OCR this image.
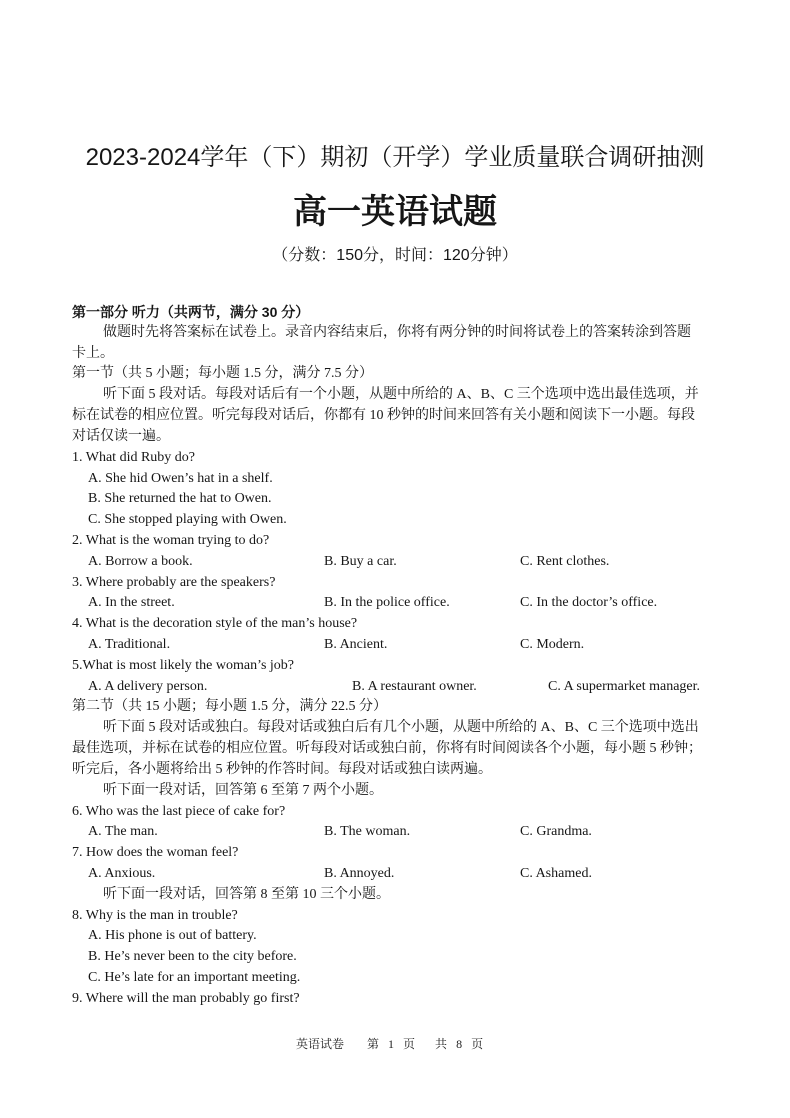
2023-2024学年（下）期初（开学）学业质量联合调研抽测
高一英语试题
（分数：150分，时间：120分钟）
第一部分 听力（共两节，满分 30 分）
做题时先将答案标在试卷上。录音内容结束后，你将有两分钟的时间将试卷上的答案转涂到答题
卡上。
第一节（共 5 小题；每小题 1.5 分，满分 7.5 分）
听下面 5 段对话。每段对话后有一个小题，从题中所给的 A、B、C 三个选项中选出最佳选项，并
标在试卷的相应位置。听完每段对话后，你都有 10 秒钟的时间来回答有关小题和阅读下一小题。每段
对话仅读一遍。
1. What did Ruby do?
A. She hid Owen’s hat in a shelf.
B. She returned the hat to Owen.
C. She stopped playing with Owen.
2. What is the woman trying to do?
A. Borrow a book.	B. Buy a car.	C. Rent clothes.
3. Where probably are the speakers?
A. In the street.	B. In the police office.	C. In the doctor’s office.
4. What is the decoration style of the man’s house?
A. Traditional.	B. Ancient.	C. Modern.
5.What is most likely the woman’s job?
A. A delivery person.	B. A restaurant owner.	C. A supermarket manager.
第二节（共 15 小题；每小题 1.5 分，满分 22.5 分）
听下面 5 段对话或独白。每段对话或独白后有几个小题，从题中所给的 A、B、C 三个选项中选出
最佳选项，并标在试卷的相应位置。听每段对话或独白前，你将有时间阅读各个小题，每小题 5 秒钟；
听完后，各小题将给出 5 秒钟的作答时间。每段对话或独白读两遍。
听下面一段对话，回答第 6 至第 7 两个小题。
6. Who was the last piece of cake for?
A. The man.	B. The woman.	C. Grandma.
7. How does the woman feel?
A. Anxious.	B. Annoyed.	C. Ashamed.
听下面一段对话，回答第 8 至第 10 三个小题。
8. Why is the man in trouble?
A. His phone is out of battery.
B. He’s never been to the city before.
C. He’s late for an important meeting.
9. Where will the man probably go first?
英语试卷 第 1 页 共 8 页
